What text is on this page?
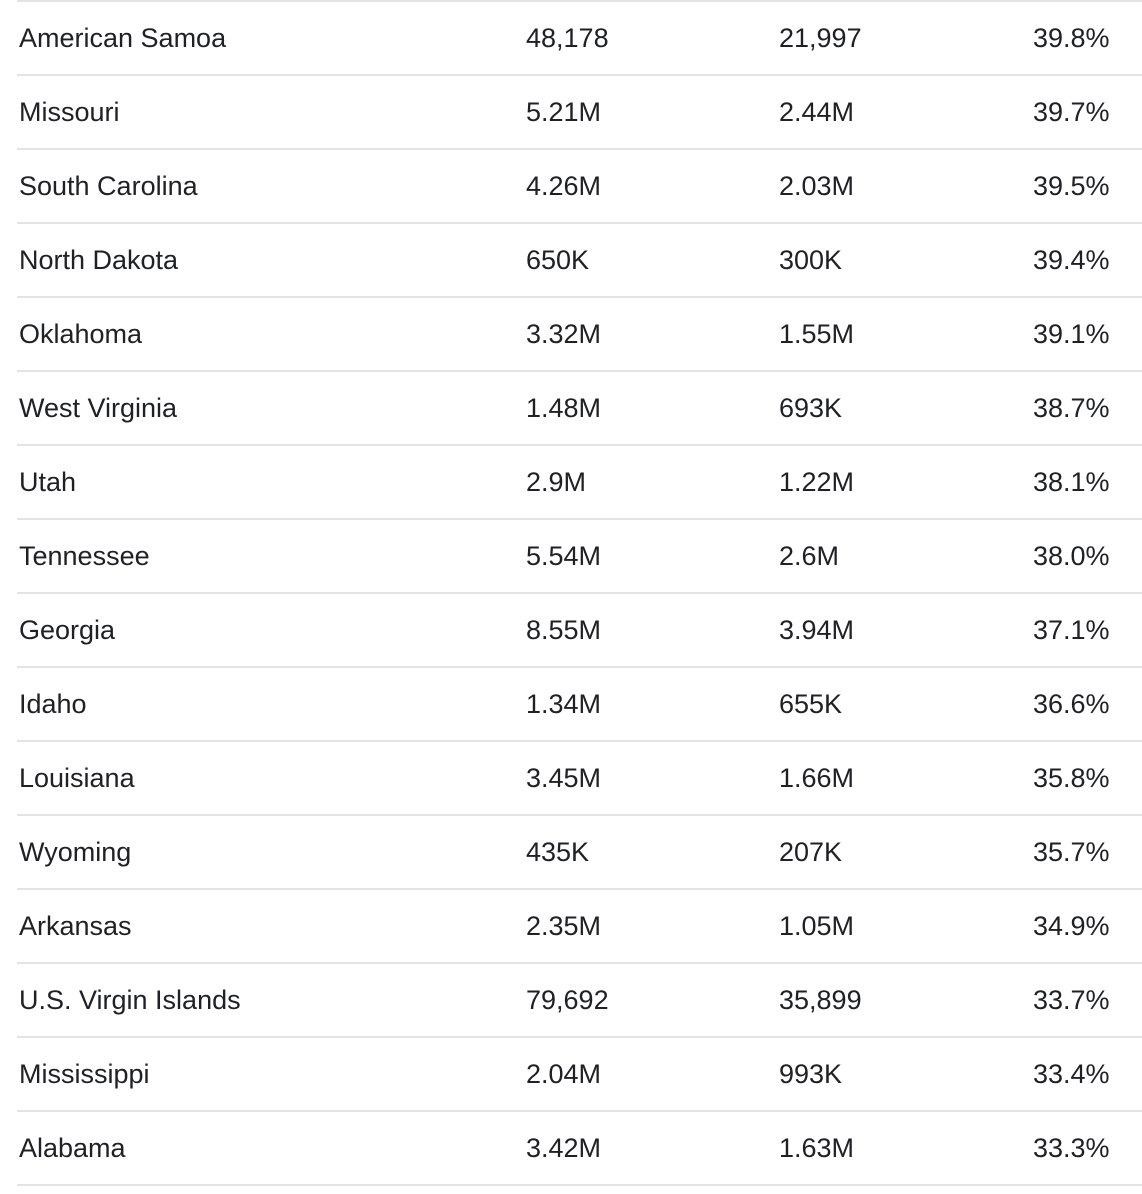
American Samoa	48,178	21,997	39.8%
Missouri	5.21M	2.44M	39.7%
South Carolina	4.26M	2.03M	39.5%
North Dakota	650K	300K	39.4%
Oklahoma	3.32M	1.55M	39.1%
West Virginia	1.48M	693K	38.7%
Utah	2.9M	1.22M	38.1%
Tennessee	5.54M	2.6M	38.0%
Georgia	8.55M	3.94M	37.1%
Idaho	1.34M	655K	36.6%
Louisiana	3.45M	1.66M	35.8%
Wyoming	435K	207K	35.7%
Arkansas	2.35M	1.05M	34.9%
U.S. Virgin Islands	79,692	35,899	33.7%
Mississippi	2.04M	993K	33.4%
Alabama	3.42M	1.63M	33.3%
